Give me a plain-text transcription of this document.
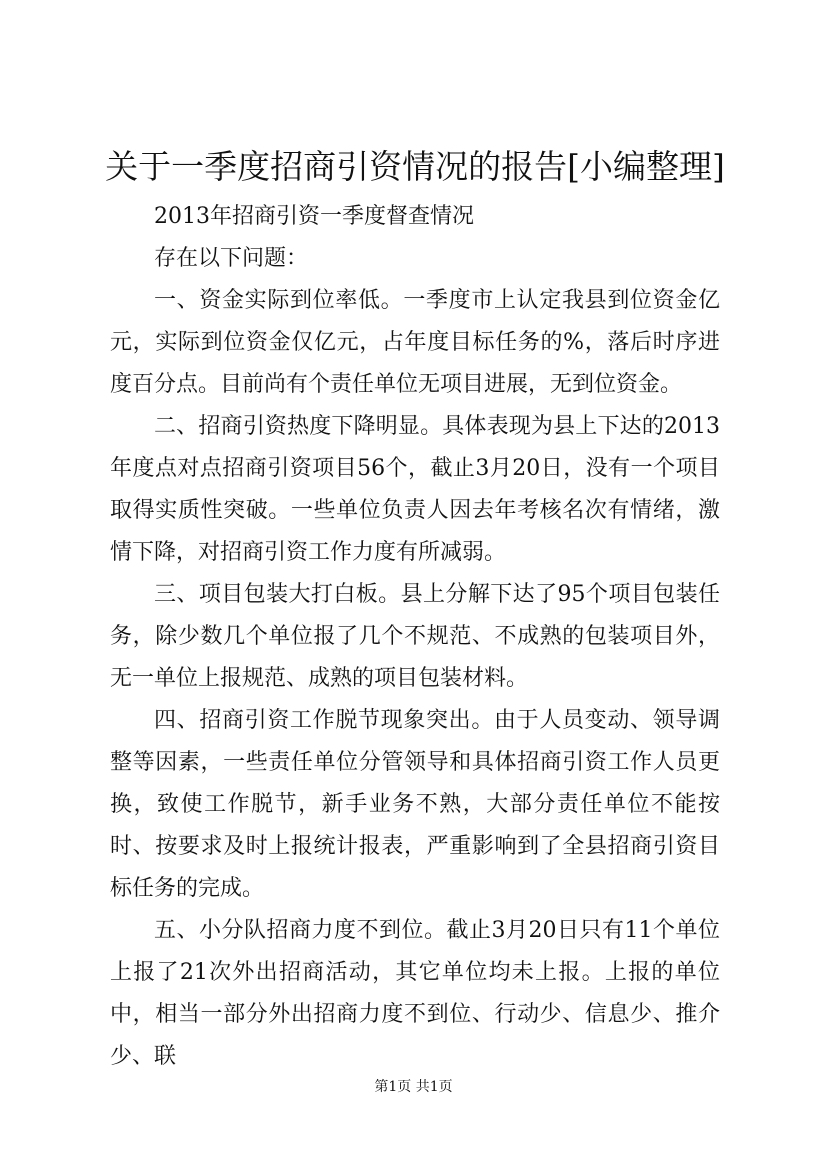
关于一季度招商引资情况的报告[小编整理]

2013年招商引资一季度督查情况

存在以下问题：

一、资金实际到位率低。一季度市上认定我县到位资金亿元，实际到位资金仅亿元，占年度目标任务的%，落后时序进度百分点。目前尚有个责任单位无项目进展，无到位资金。

二、招商引资热度下降明显。具体表现为县上下达的2013年度点对点招商引资项目56个，截止3月20日，没有一个项目取得实质性突破。一些单位负责人因去年考核名次有情绪，激情下降，对招商引资工作力度有所减弱。

三、项目包装大打白板。县上分解下达了95个项目包装任务，除少数几个单位报了几个不规范、不成熟的包装项目外，无一单位上报规范、成熟的项目包装材料。

四、招商引资工作脱节现象突出。由于人员变动、领导调整等因素，一些责任单位分管领导和具体招商引资工作人员更换，致使工作脱节，新手业务不熟，大部分责任单位不能按时、按要求及时上报统计报表，严重影响到了全县招商引资目标任务的完成。

五、小分队招商力度不到位。截止3月20日只有11个单位上报了21次外出招商活动，其它单位均未上报。上报的单位中，相当一部分外出招商力度不到位、行动少、信息少、推介少、联

第1页 共1页
